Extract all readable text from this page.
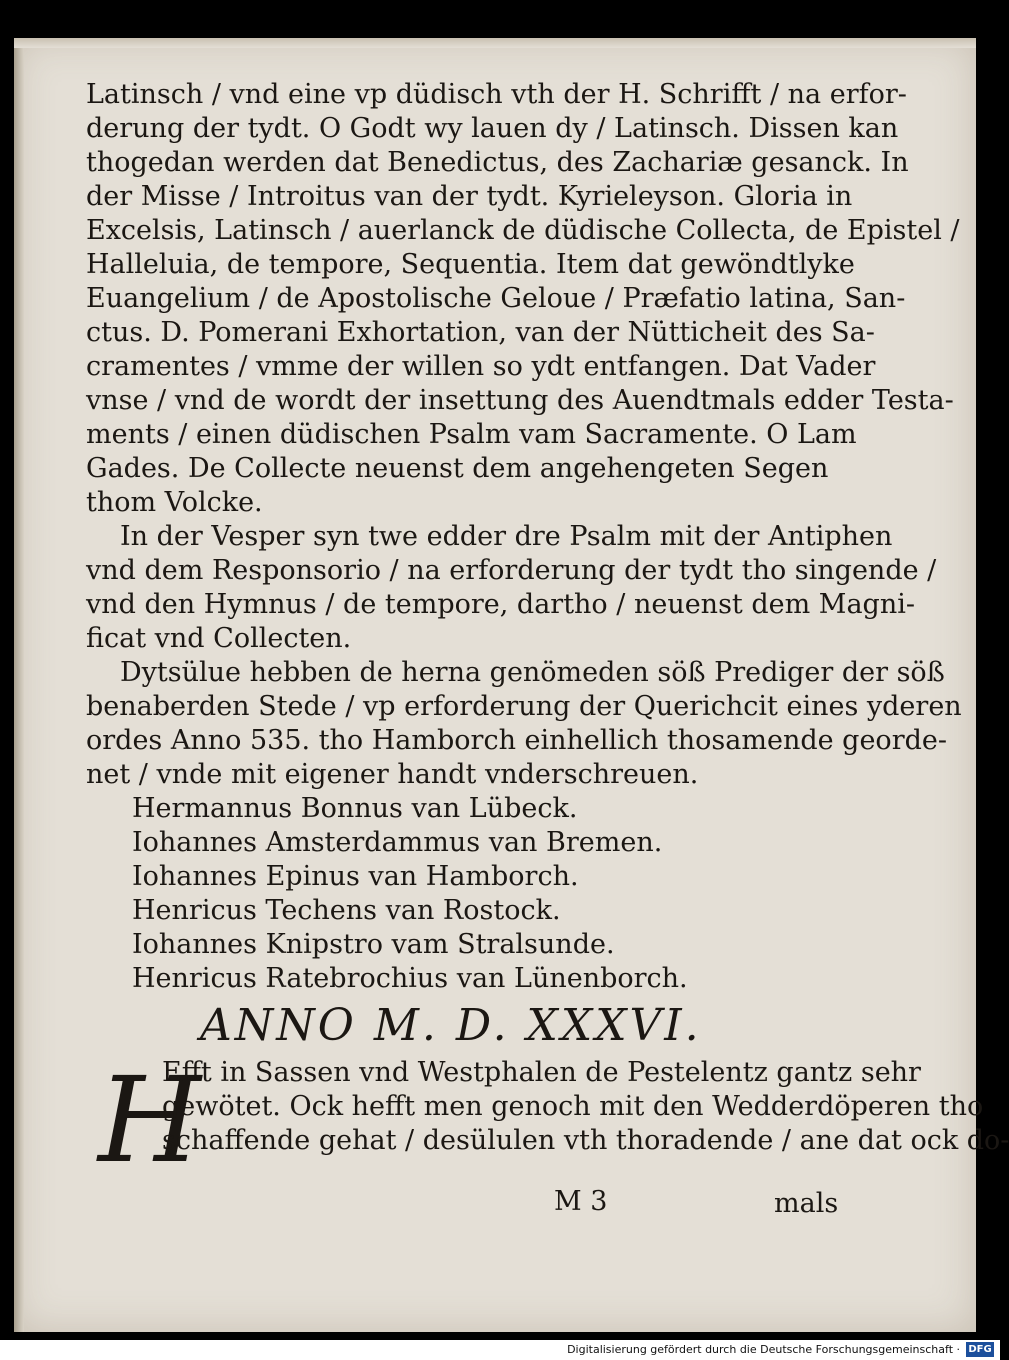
Latinsch / vnd eine vp düdisch vth der H. Schrifft / na erfor-
derung der tydt. O Godt wy lauen dy / Latinsch. Dissen kan
thogedan werden dat Benedictus, des Zachariæ gesanck. In
der Misse / Introitus van der tydt. Kyrieleyson. Gloria in
Excelsis, Latinsch / auerlanck de düdische Collecta, de Epistel /
Halleluia, de tempore, Sequentia. Item dat gewöndtlyke
Euangelium / de Apostolische Geloue / Præfatio latina, San-
ctus. D. Pomerani Exhortation, van der Nütticheit des Sa-
cramentes / vmme der willen so ydt entfangen. Dat Vader
vnse / vnd de wordt der insettung des Auendtmals edder Testa-
ments / einen düdischen Psalm vam Sacramente. O Lam
Gades. De Collecte neuenst dem angehengeten Segen
thom Volcke.
In der Vesper syn twe edder dre Psalm mit der Antiphen
vnd dem Responsorio / na erforderung der tydt tho singende /
vnd den Hymnus / de tempore, dartho / neuenst dem Magni-
ficat vnd Collecten.
Dytsülue hebben de herna genömeden söß Prediger der söß
benaberden Stede / vp erforderung der Querichcit eines yderen
ordes Anno 535. tho Hamborch einhellich thosamende georde-
net / vnde mit eigener handt vnderschreuen.
Hermannus Bonnus van Lübeck.
Iohannes Amsterdammus van Bremen.
Iohannes Epinus van Hamborch.
Henricus Techens van Rostock.
Iohannes Knipstro vam Stralsunde.
Henricus Ratebrochius van Lünenborch.
ANNO M. D. XXXVI.
H
Efft in Sassen vnd Westphalen de Pestelentz gantz sehr
gewötet. Ock hefft men genoch mit den Wedderdöperen tho
schaffende gehat / desülulen vth thoradende / ane dat ock do-
M 3	mals
Digitalisierung gefördert durch die Deutsche Forschungsgemeinschaft · DFG
